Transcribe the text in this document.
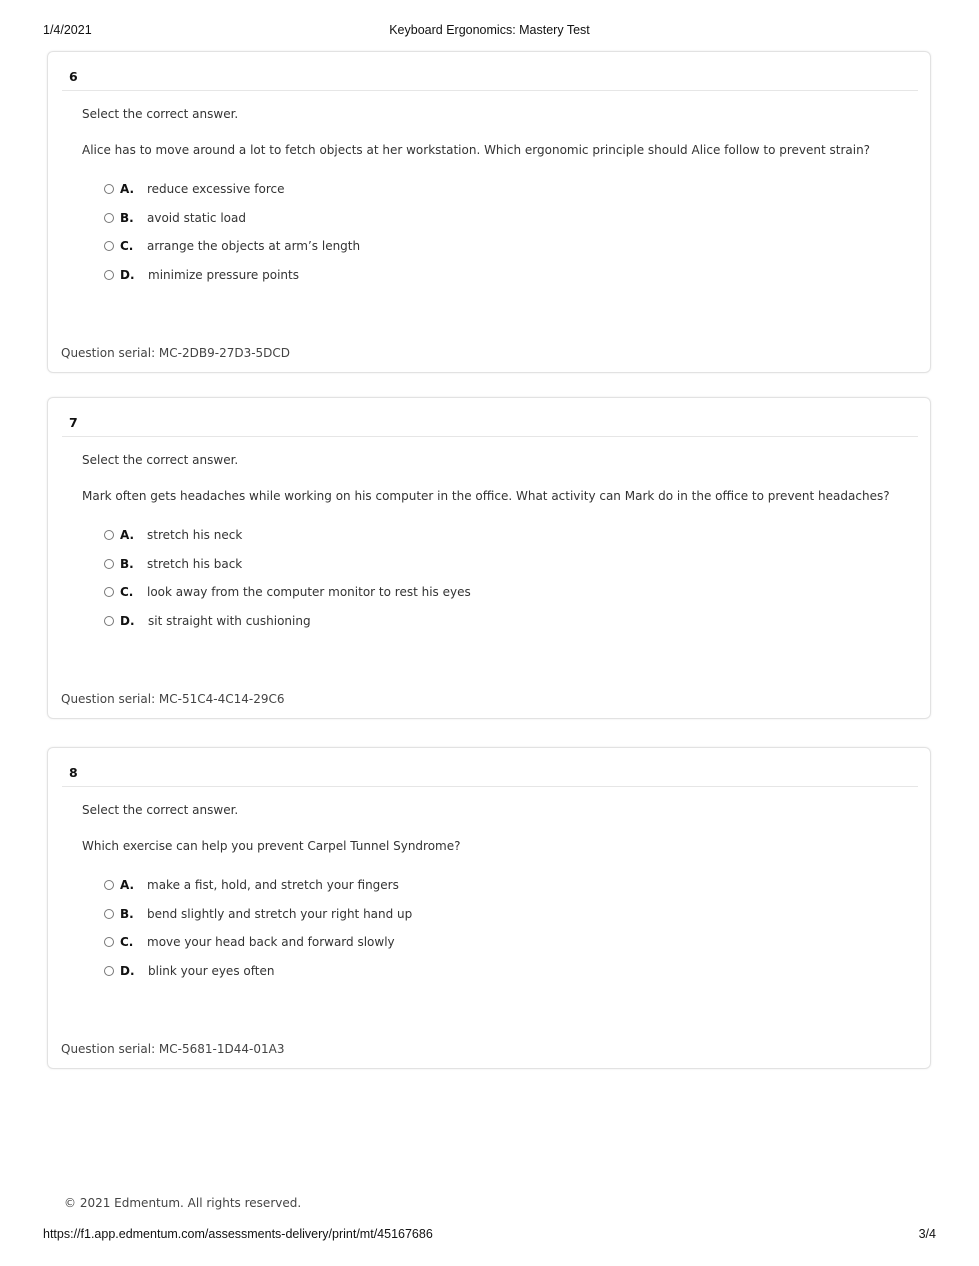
1/4/2021	Keyboard Ergonomics: Mastery Test
6
Select the correct answer.
Alice has to move around a lot to fetch objects at her workstation. Which ergonomic principle should Alice follow to prevent strain?
A.	reduce excessive force
B.	avoid static load
C.	arrange the objects at arm’s length
D.	minimize pressure points
Question serial: MC-2DB9-27D3-5DCD
7
Select the correct answer.
Mark often gets headaches while working on his computer in the office. What activity can Mark do in the office to prevent headaches?
A.	stretch his neck
B.	stretch his back
C.	look away from the computer monitor to rest his eyes
D.	sit straight with cushioning
Question serial: MC-51C4-4C14-29C6
8
Select the correct answer.
Which exercise can help you prevent Carpel Tunnel Syndrome?
A.	make a fist, hold, and stretch your fingers
B.	bend slightly and stretch your right hand up
C.	move your head back and forward slowly
D.	blink your eyes often
Question serial: MC-5681-1D44-01A3
© 2021 Edmentum. All rights reserved.
https://f1.app.edmentum.com/assessments-delivery/print/mt/45167686	3/4
